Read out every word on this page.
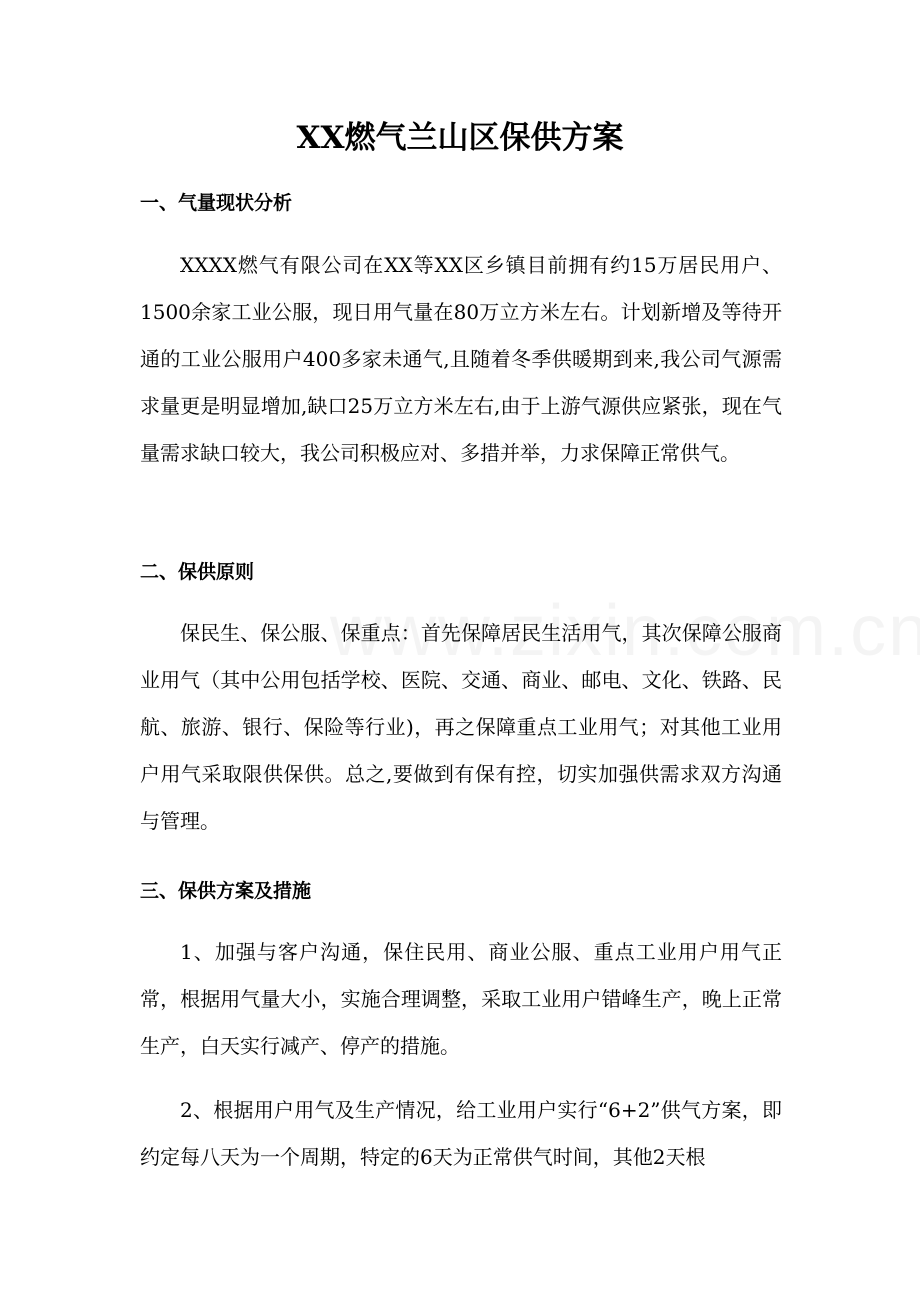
XX燃气兰山区保供方案
一、气量现状分析

XXXX燃气有限公司在XX等XX区乡镇目前拥有约15万居民用户、1500余家工业公服，现日用气量在80万立方米左右。计划新增及等待开通的工业公服用户400多家未通气,且随着冬季供暖期到来,我公司气源需求量更是明显增加,缺口25万立方米左右,由于上游气源供应紧张，现在气量需求缺口较大，我公司积极应对、多措并举，力求保障正常供气。

二、保供原则

保民生、保公服、保重点：首先保障居民生活用气，其次保障公服商业用气（其中公用包括学校、医院、交通、商业、邮电、文化、铁路、民航、旅游、银行、保险等行业)，再之保障重点工业用气；对其他工业用户用气采取限供保供。总之,要做到有保有控，切实加强供需求双方沟通与管理。

三、保供方案及措施

1、加强与客户沟通，保住民用、商业公服、重点工业用户用气正常，根据用气量大小，实施合理调整，采取工业用户错峰生产，晚上正常生产，白天实行减产、停产的措施。

2、根据用户用气及生产情况，给工业用户实行“6+2”供气方案，即约定每八天为一个周期，特定的6天为正常供气时间，其他2天根
